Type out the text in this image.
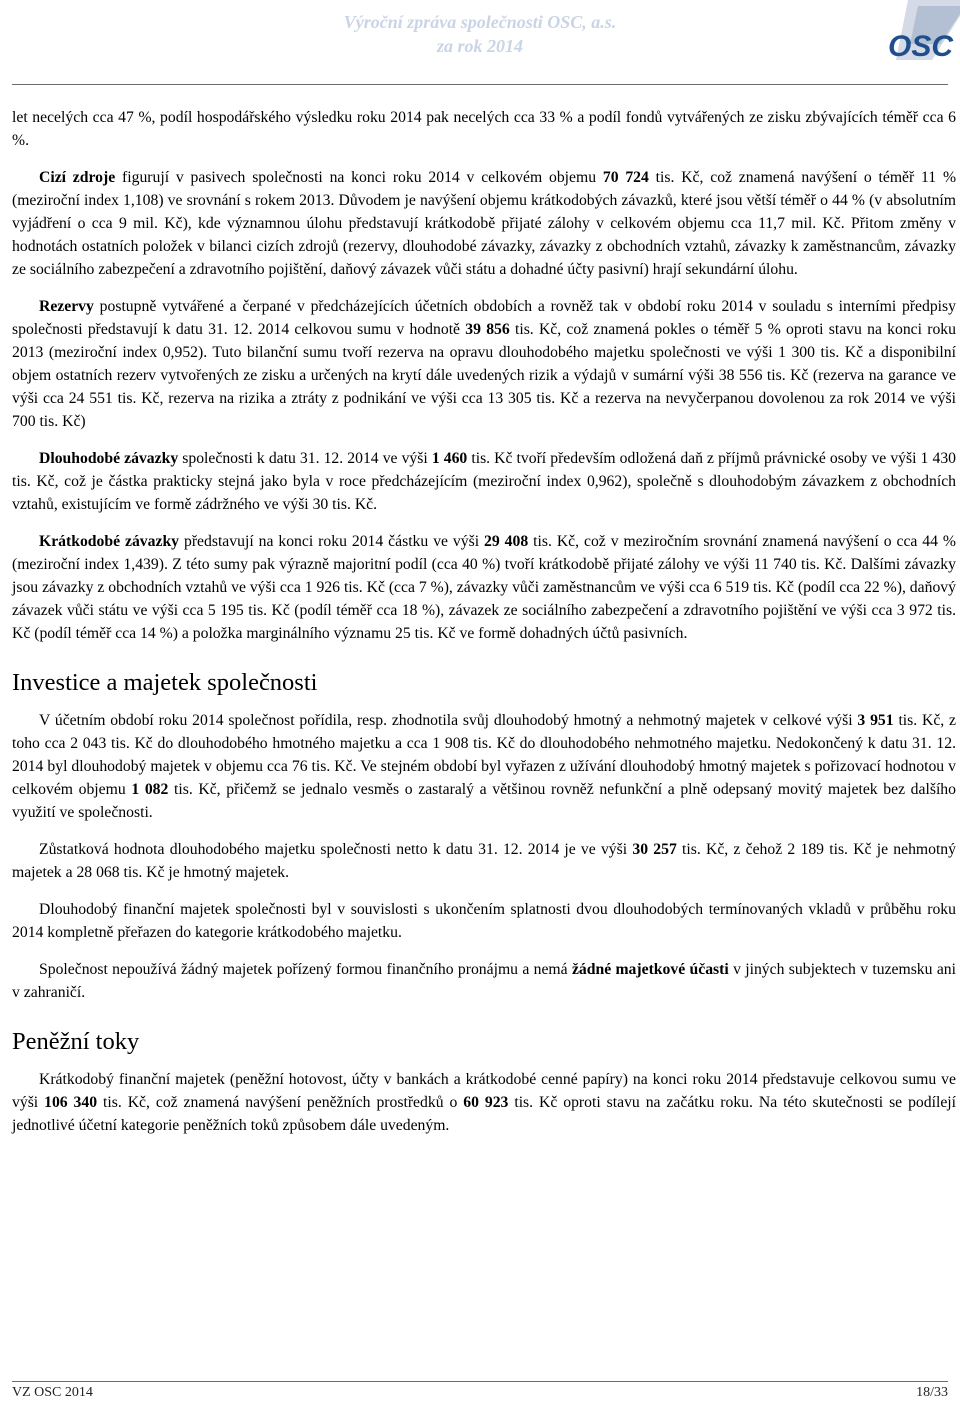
Výroční zpráva společnosti OSC, a.s.
za rok 2014	OSC

let necelých cca 47 %, podíl hospodářského výsledku roku 2014 pak necelých cca 33 % a podíl fondů vytvářených ze zisku zbývajících téměř cca 6 %.

Cizí zdroje figurují v pasivech společnosti na konci roku 2014 v celkovém objemu 70 724 tis. Kč, což znamená navýšení o téměř 11 % (meziroční index 1,108) ve srovnání s rokem 2013. Důvodem je navýšení objemu krátkodobých závazků, které jsou větší téměř o 44 % (v absolutním vyjádření o cca 9 mil. Kč), kde významnou úlohu představují krátkodobě přijaté zálohy v celkovém objemu cca 11,7 mil. Kč. Přitom změny v hodnotách ostatních položek v bilanci cizích zdrojů (rezervy, dlouhodobé závazky, závazky z obchodních vztahů, závazky k zaměstnancům, závazky ze sociálního zabezpečení a zdravotního pojištění, daňový závazek vůči státu a dohadné účty pasivní) hrají sekundární úlohu.

Rezervy postupně vytvářené a čerpané v předcházejících účetních obdobích a rovněž tak v období roku 2014 v souladu s interními předpisy společnosti představují k datu 31. 12. 2014 celkovou sumu v hodnotě 39 856 tis. Kč, což znamená pokles o téměř 5 % oproti stavu na konci roku 2013 (meziroční index 0,952). Tuto bilanční sumu tvoří rezerva na opravu dlouhodobého majetku společnosti ve výši 1 300 tis. Kč a disponibilní objem ostatních rezerv vytvořených ze zisku a určených na krytí dále uvedených rizik a výdajů v sumární výši 38 556 tis. Kč (rezerva na garance ve výši cca 24 551 tis. Kč, rezerva na rizika a ztráty z podnikání ve výši cca 13 305 tis. Kč a rezerva na nevyčerpanou dovolenou za rok 2014 ve výši 700 tis. Kč)

Dlouhodobé závazky společnosti k datu 31. 12. 2014 ve výši 1 460 tis. Kč tvoří především odložená daň z příjmů právnické osoby ve výši 1 430 tis. Kč, což je částka prakticky stejná jako byla v roce předcházejícím (meziroční index 0,962), společně s dlouhodobým závazkem z obchodních vztahů, existujícím ve formě zádržného ve výši 30 tis. Kč.

Krátkodobé závazky představují na konci roku 2014 částku ve výši 29 408 tis. Kč, což v meziročním srovnání znamená navýšení o cca 44 % (meziroční index 1,439). Z této sumy pak výrazně majoritní podíl (cca 40 %) tvoří krátkodobě přijaté zálohy ve výši 11 740 tis. Kč. Dalšími závazky jsou závazky z obchodních vztahů ve výši cca 1 926 tis. Kč (cca 7 %), závazky vůči zaměstnancům ve výši cca 6 519 tis. Kč (podíl cca 22 %), daňový závazek vůči státu ve výši cca 5 195 tis. Kč (podíl téměř cca 18 %), závazek ze sociálního zabezpečení a zdravotního pojištění ve výši cca 3 972 tis. Kč (podíl téměř cca 14 %) a položka marginálního významu 25 tis. Kč ve formě dohadných účtů pasivních.

Investice a majetek společnosti

V účetním období roku 2014 společnost pořídila, resp. zhodnotila svůj dlouhodobý hmotný a nehmotný majetek v celkové výši 3 951 tis. Kč, z toho cca 2 043 tis. Kč do dlouhodobého hmotného majetku a cca 1 908 tis. Kč do dlouhodobého nehmotného majetku. Nedokončený k datu 31. 12. 2014 byl dlouhodobý majetek v objemu cca 76 tis. Kč. Ve stejném období byl vyřazen z užívání dlouhodobý hmotný majetek s pořizovací hodnotou v celkovém objemu 1 082 tis. Kč, přičemž se jednalo vesměs o zastaralý a většinou rovněž nefunkční a plně odepsaný movitý majetek bez dalšího využití ve společnosti.

Zůstatková hodnota dlouhodobého majetku společnosti netto k datu 31. 12. 2014 je ve výši 30 257 tis. Kč, z čehož 2 189 tis. Kč je nehmotný majetek a 28 068 tis. Kč je hmotný majetek.

Dlouhodobý finanční majetek společnosti byl v souvislosti s ukončením splatnosti dvou dlouhodobých termínovaných vkladů v průběhu roku 2014 kompletně přeřazen do kategorie krátkodobého majetku.

Společnost nepoužívá žádný majetek pořízený formou finančního pronájmu a nemá žádné majetkové účasti v jiných subjektech v tuzemsku ani v zahraničí.

Peněžní toky

Krátkodobý finanční majetek (peněžní hotovost, účty v bankách a krátkodobé cenné papíry) na konci roku 2014 představuje celkovou sumu ve výši 106 340 tis. Kč, což znamená navýšení peněžních prostředků o 60 923 tis. Kč oproti stavu na začátku roku. Na této skutečnosti se podílejí jednotlivé účetní kategorie peněžních toků způsobem dále uvedeným.

VZ OSC 2014	18/33
